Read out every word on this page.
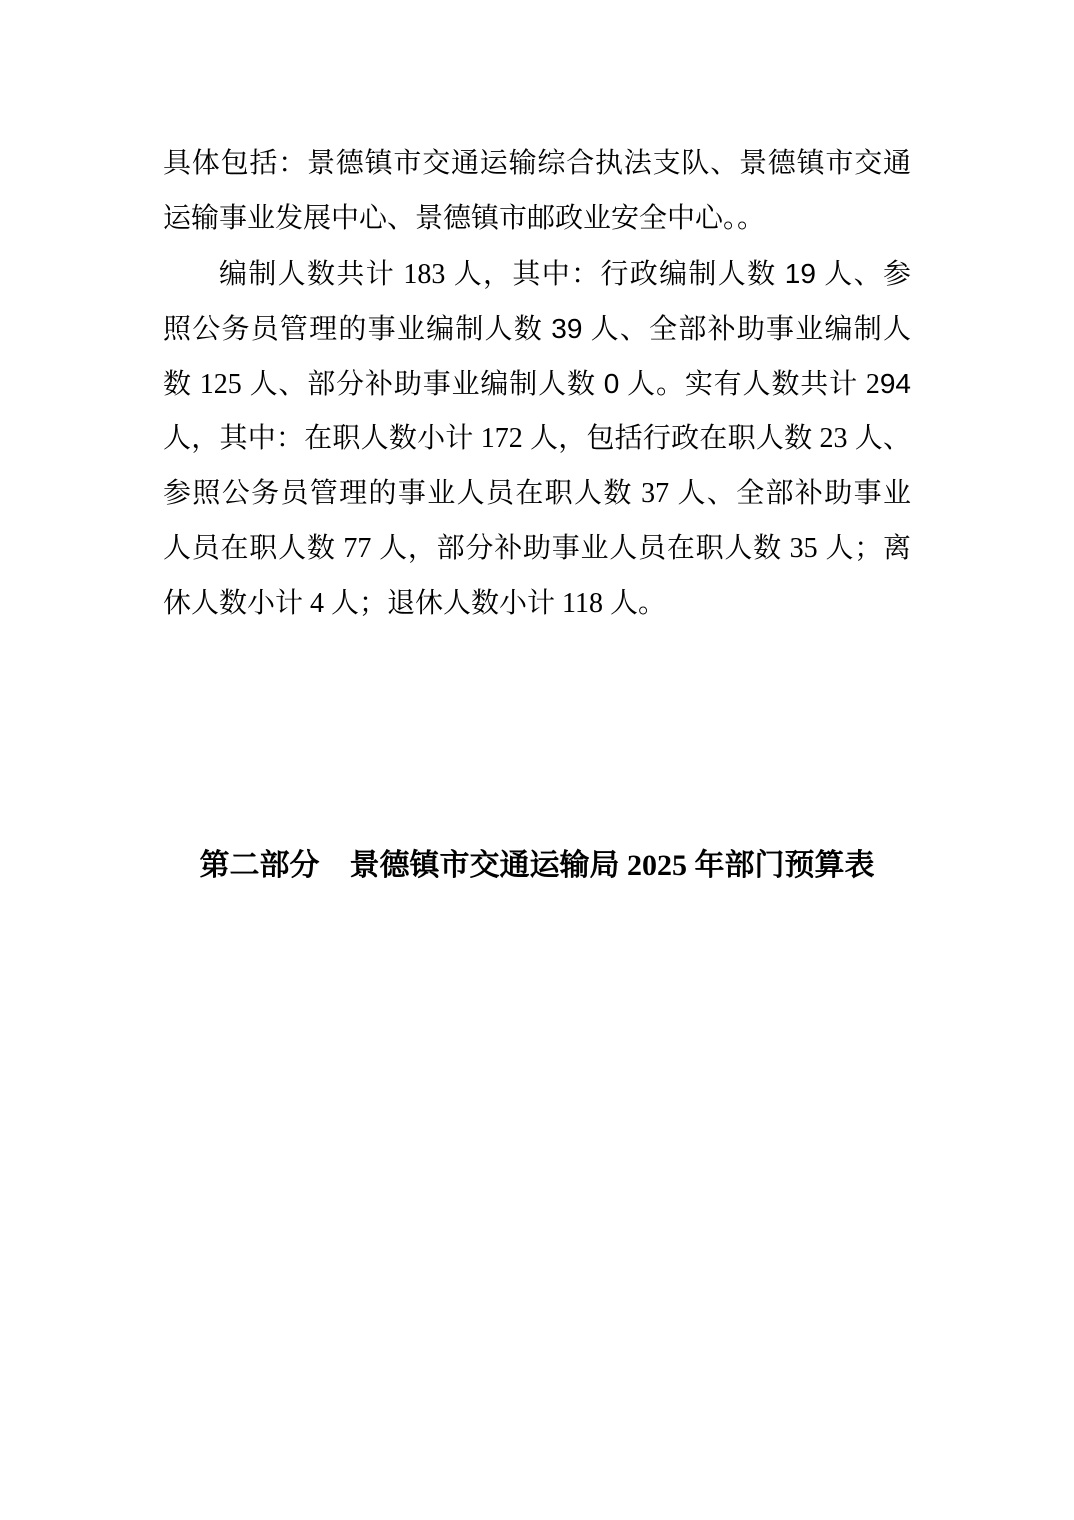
具体包括：景德镇市交通运输综合执法支队、景德镇市交通
运输事业发展中心、景德镇市邮政业安全中心。。
编制人数共计 183 人，其中：行政编制人数 19 人、参
照公务员管理的事业编制人数 39 人、全部补助事业编制人
数 125 人、部分补助事业编制人数 0 人。实有人数共计 294
人，其中：在职人数小计 172 人，包括行政在职人数 23 人、
参照公务员管理的事业人员在职人数 37 人、全部补助事业
人员在职人数 77 人，部分补助事业人员在职人数 35 人；离
休人数小计 4 人；退休人数小计 118 人。
第二部分　景德镇市交通运输局 2025 年部门预算表
